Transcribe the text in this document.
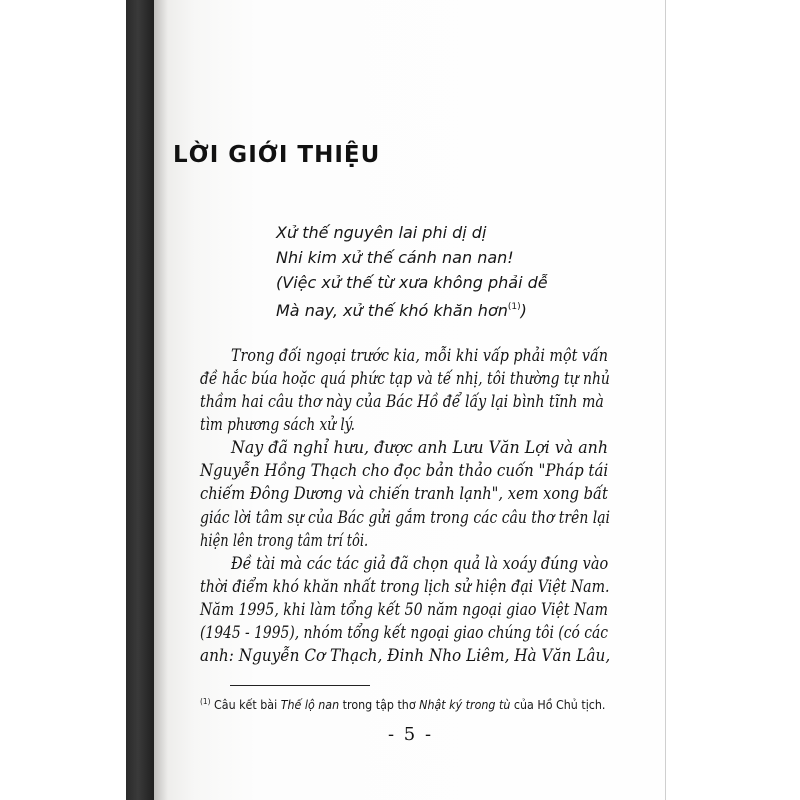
LỜI GIỚI THIỆU
Xử thế nguyên lai phi dị dị
Nhi kim xử thế cánh nan nan!
(Việc xử thế từ xưa không phải dễ
Mà nay, xử thế khó khăn hơn$^{(1)}$)
Trong đối ngoại trước kia, mỗi khi vấp phải một vấn
đề hắc búa hoặc quá phức tạp và tế nhị, tôi thường tự nhủ
thầm hai câu thơ này của Bác Hồ để lấy lại bình tĩnh mà
tìm phương sách xử lý.
Nay đã nghỉ hưu, được anh Lưu Văn Lợi và anh
Nguyễn Hồng Thạch cho đọc bản thảo cuốn "Pháp tái
chiếm Đông Dương và chiến tranh lạnh", xem xong bất
giác lời tâm sự của Bác gửi gắm trong các câu thơ trên lại
hiện lên trong tâm trí tôi.
Đề tài mà các tác giả đã chọn quả là xoáy đúng vào
thời điểm khó khăn nhất trong lịch sử hiện đại Việt Nam.
Năm 1995, khi làm tổng kết 50 năm ngoại giao Việt Nam
(1945 - 1995), nhóm tổng kết ngoại giao chúng tôi (có các
anh: Nguyễn Cơ Thạch, Đinh Nho Liêm, Hà Văn Lâu,
$^{(1)}$ Câu kết bài Thế lộ nan trong tập thơ Nhật ký trong tù của Hồ Chủ tịch.
- 5 -
